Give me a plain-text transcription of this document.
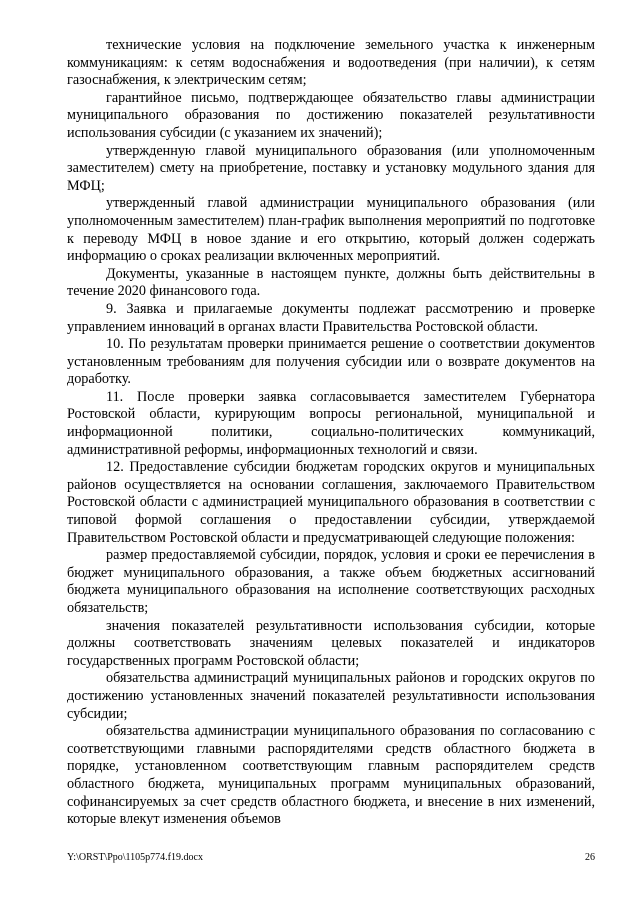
технические условия на подключение земельного участка к инженерным коммуникациям: к сетям водоснабжения и водоотведения (при наличии), к сетям газоснабжения, к электрическим сетям;

гарантийное письмо, подтверждающее обязательство главы администрации муниципального образования по достижению показателей результативности использования субсидии (с указанием их значений);

утвержденную главой муниципального образования (или уполномоченным заместителем) смету на приобретение, поставку и установку модульного здания для МФЦ;

утвержденный главой администрации муниципального образования (или уполномоченным заместителем) план-график выполнения мероприятий по подготовке к переводу МФЦ в новое здание и его открытию, который должен содержать информацию о сроках реализации включенных мероприятий.

Документы, указанные в настоящем пункте, должны быть действительны в течение 2020 финансового года.

9. Заявка и прилагаемые документы подлежат рассмотрению и проверке управлением инноваций в органах власти Правительства Ростовской области.

10. По результатам проверки принимается решение о соответствии документов установленным требованиям для получения субсидии или о возврате документов на доработку.

11. После проверки заявка согласовывается заместителем Губернатора Ростовской области, курирующим вопросы региональной, муниципальной и информационной политики, социально-политических коммуникаций, административной реформы, информационных технологий и связи.

12. Предоставление субсидии бюджетам городских округов и муниципальных районов осуществляется на основании соглашения, заключаемого Правительством Ростовской области с администрацией муниципального образования в соответствии с типовой формой соглашения о предоставлении субсидии, утверждаемой Правительством Ростовской области и предусматривающей следующие положения:

размер предоставляемой субсидии, порядок, условия и сроки ее перечисления в бюджет муниципального образования, а также объем бюджетных ассигнований бюджета муниципального образования на исполнение соответствующих расходных обязательств;

значения показателей результативности использования субсидии, которые должны соответствовать значениям целевых показателей и индикаторов государственных программ Ростовской области;

обязательства администраций муниципальных районов и городских округов по достижению установленных значений показателей результативности использования субсидии;

обязательства администрации муниципального образования по согласованию с соответствующими главными распорядителями средств областного бюджета в порядке, установленном соответствующим главным распорядителем средств областного бюджета, муниципальных программ муниципальных образований, софинансируемых за счет средств областного бюджета, и внесение в них изменений, которые влекут изменения объемов

Y:\ORST\Ppo\1105p774.f19.docx	26
